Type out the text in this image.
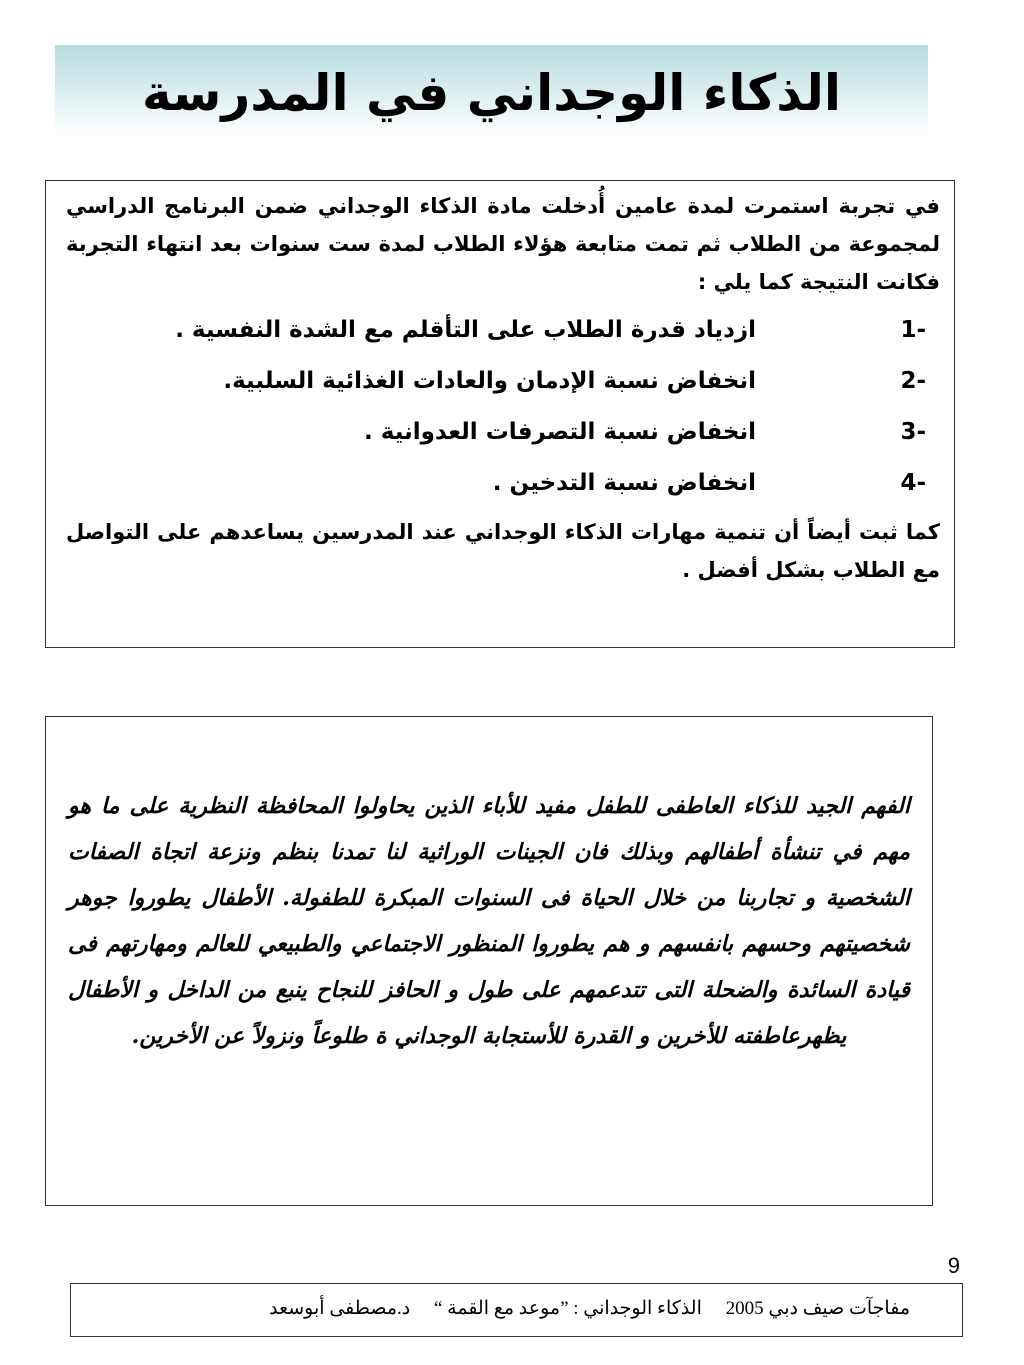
الذكاء الوجداني في المدرسة

في تجربة استمرت لمدة عامين أُدخلت مادة الذكاء الوجداني ضمن البرنامج الدراسي لمجموعة من الطلاب ثم تمت متابعة هؤلاء الطلاب لمدة ست سنوات بعد انتهاء التجربة فكانت النتيجة كما يلي :

1-
ازدياد قدرة الطلاب على التأقلم مع الشدة النفسية .
2-
انخفاض نسبة الإدمان والعادات الغذائية السلبية.
3-
انخفاض نسبة التصرفات العدوانية .
4-
انخفاض نسبة التدخين .

كما ثبت أيضاً أن تنمية مهارات الذكاء الوجداني عند المدرسين يساعدهم على التواصل مع الطلاب بشكل أفضل .

الفهم الجيد للذكاء العاطفى للطفل مفيد للأباء الذين يحاولوا المحافظة النظرية على ما هو مهم في تنشأة أطفالهم وبذلك فان الجينات الوراثية لنا تمدنا بنظم ونزعة اتجاة الصفات الشخصية و تجاربنا من خلال الحياة فى السنوات المبكرة للطفولة. الأطفال يطوروا جوهر شخصيتهم وحسهم بانفسهم و هم يطوروا المنظور الاجتماعي والطبيعي للعالم ومهارتهم فى قيادة السائدة والضحلة التى تتدعمهم على طول و الحافز للنجاح ينبع من الداخل و الأطفال يظهرعاطفته للأخرين و القدرة للأستجابة الوجداني ة طلوعاً ونزولاً عن الأخرين.
9
مفاجآت صيف دبي 2005     الذكاء الوجداني : ”موعد مع القمة “     د.مصطفى أبوسعد
